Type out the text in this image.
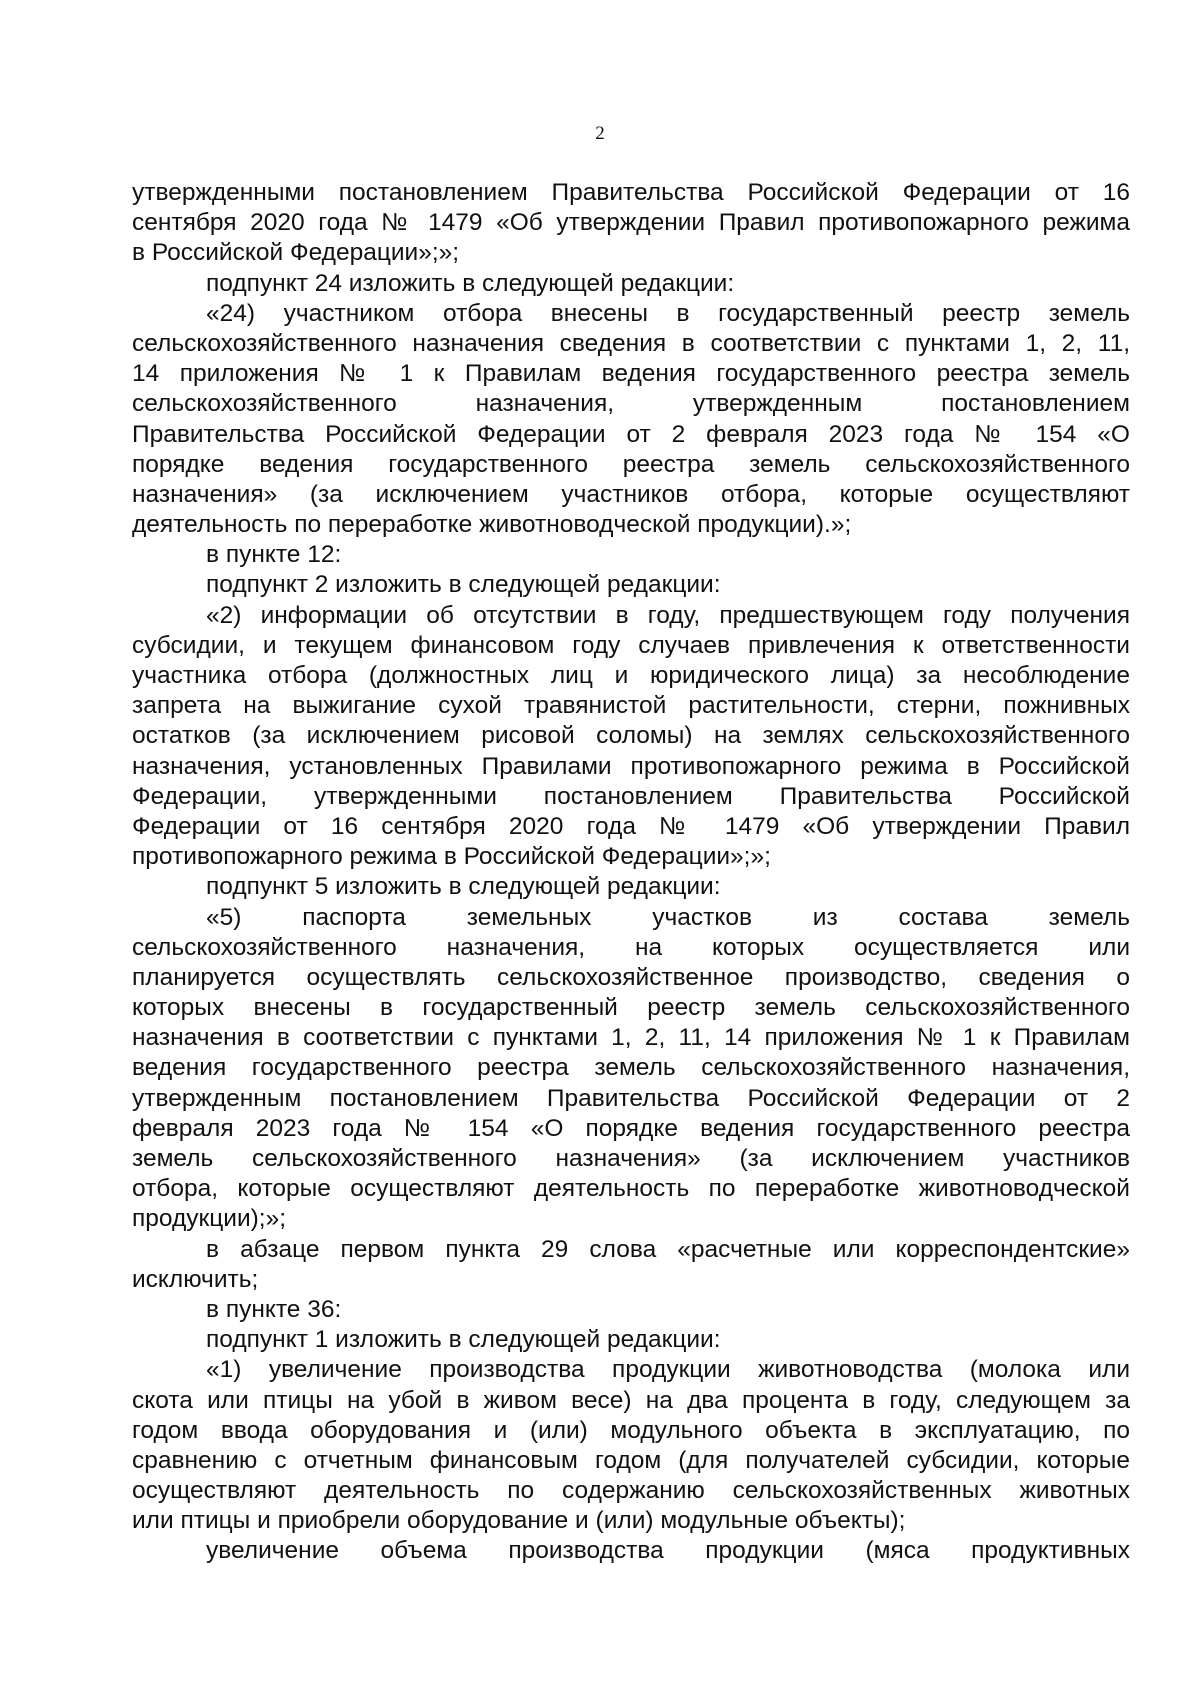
2
утвержденными постановлением Правительства Российской Федерации от 16
сентября 2020 года № 1479 «Об утверждении Правил противопожарного режима
в Российской Федерации»;»;
подпункт 24 изложить в следующей редакции:
«24) участником отбора внесены в государственный реестр земель
сельскохозяйственного назначения сведения в соответствии с пунктами 1, 2, 11,
14 приложения № 1 к Правилам ведения государственного реестра земель
сельскохозяйственного назначения, утвержденным постановлением
Правительства Российской Федерации от 2 февраля 2023 года № 154 «О
порядке ведения государственного реестра земель сельскохозяйственного
назначения» (за исключением участников отбора, которые осуществляют
деятельность по переработке животноводческой продукции).»;
в пункте 12:
подпункт 2 изложить в следующей редакции:
«2) информации об отсутствии в году, предшествующем году получения
субсидии, и текущем финансовом году случаев привлечения к ответственности
участника отбора (должностных лиц и юридического лица) за несоблюдение
запрета на выжигание сухой травянистой растительности, стерни, пожнивных
остатков (за исключением рисовой соломы) на землях сельскохозяйственного
назначения, установленных Правилами противопожарного режима в Российской
Федерации, утвержденными постановлением Правительства Российской
Федерации от 16 сентября 2020 года № 1479 «Об утверждении Правил
противопожарного режима в Российской Федерации»;»;
подпункт 5 изложить в следующей редакции:
«5) паспорта земельных участков из состава земель
сельскохозяйственного назначения, на которых осуществляется или
планируется осуществлять сельскохозяйственное производство, сведения о
которых внесены в государственный реестр земель сельскохозяйственного
назначения в соответствии с пунктами 1, 2, 11, 14 приложения № 1 к Правилам
ведения государственного реестра земель сельскохозяйственного назначения,
утвержденным постановлением Правительства Российской Федерации от 2
февраля 2023 года № 154 «О порядке ведения государственного реестра
земель сельскохозяйственного назначения» (за исключением участников
отбора, которые осуществляют деятельность по переработке животноводческой
продукции);»;
в абзаце первом пункта 29 слова «расчетные или корреспондентские»
исключить;
в пункте 36:
подпункт 1 изложить в следующей редакции:
«1) увеличение производства продукции животноводства (молока или
скота или птицы на убой в живом весе) на два процента в году, следующем за
годом ввода оборудования и (или) модульного объекта в эксплуатацию, по
сравнению с отчетным финансовым годом (для получателей субсидии, которые
осуществляют деятельность по содержанию сельскохозяйственных животных
или птицы и приобрели оборудование и (или) модульные объекты);
увеличение объема производства продукции (мяса продуктивных
